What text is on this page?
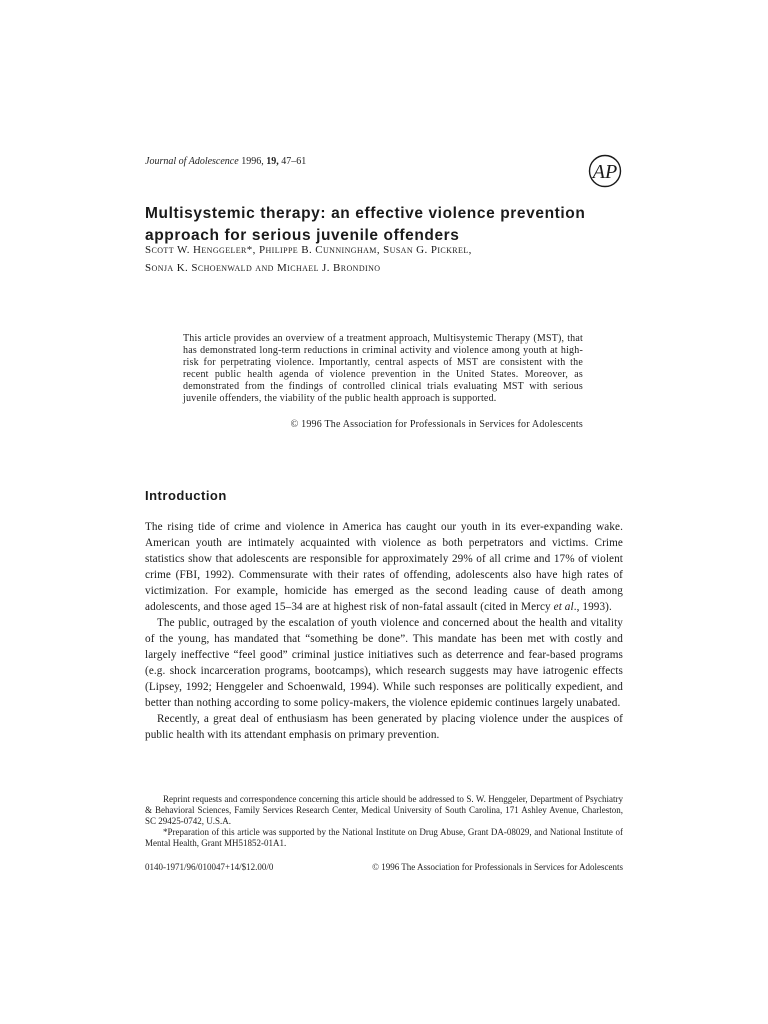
Journal of Adolescence 1996, 19, 47–61	AP
Multisystemic therapy: an effective violence prevention approach for serious juvenile offenders
Scott W. Henggeler*, Philippe B. Cunningham, Susan G. Pickrel,
Sonja K. Schoenwald and Michael J. Brondino
This article provides an overview of a treatment approach, Multisystemic Therapy (MST), that has demonstrated long-term reductions in criminal activity and violence among youth at high-risk for perpetrating violence. Importantly, central aspects of MST are consistent with the recent public health agenda of violence prevention in the United States. Moreover, as demonstrated from the findings of controlled clinical trials evaluating MST with serious juvenile offenders, the viability of the public health approach is supported.
© 1996 The Association for Professionals in Services for Adolescents
Introduction

The rising tide of crime and violence in America has caught our youth in its ever-expanding wake. American youth are intimately acquainted with violence as both perpetrators and victims. Crime statistics show that adolescents are responsible for approximately 29% of all crime and 17% of violent crime (FBI, 1992). Commensurate with their rates of offending, adolescents also have high rates of victimization. For example, homicide has emerged as the second leading cause of death among adolescents, and those aged 15–34 are at highest risk of non-fatal assault (cited in Mercy et al., 1993).

The public, outraged by the escalation of youth violence and concerned about the health and vitality of the young, has mandated that “something be done”. This mandate has been met with costly and largely ineffective “feel good” criminal justice initiatives such as deterrence and fear-based programs (e.g. shock incarceration programs, bootcamps), which research suggests may have iatrogenic effects (Lipsey, 1992; Henggeler and Schoenwald, 1994). While such responses are politically expedient, and better than nothing according to some policy-makers, the violence epidemic continues largely unabated.

Recently, a great deal of enthusiasm has been generated by placing violence under the auspices of public health with its attendant emphasis on primary prevention.

Reprint requests and correspondence concerning this article should be addressed to S. W. Henggeler, Department of Psychiatry & Behavioral Sciences, Family Services Research Center, Medical University of South Carolina, 171 Ashley Avenue, Charleston, SC 29425-0742, U.S.A.

*Preparation of this article was supported by the National Institute on Drug Abuse, Grant DA-08029, and National Institute of Mental Health, Grant MH51852-01A1.

0140-1971/96/010047+14/$12.00/0	© 1996 The Association for Professionals in Services for Adolescents
